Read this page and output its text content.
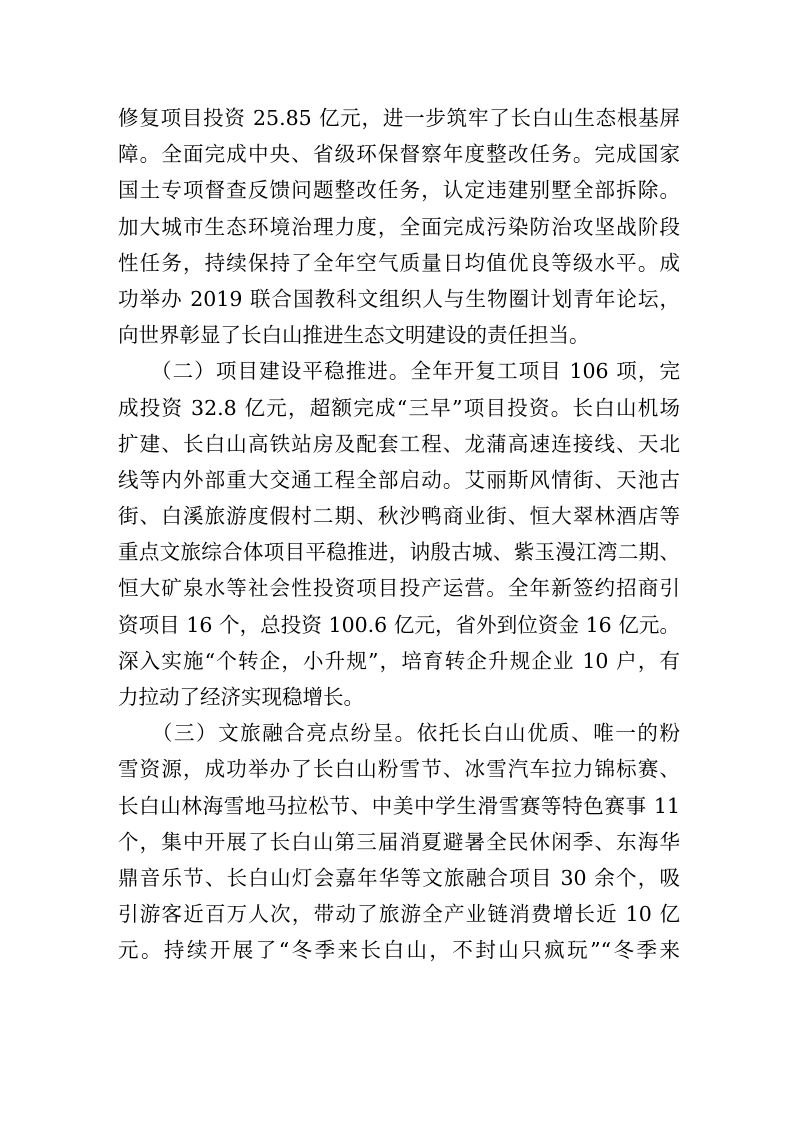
修复项目投资 25.85 亿元，进一步筑牢了长白山生态根基屏
障。全面完成中央、省级环保督察年度整改任务。完成国家
国土专项督查反馈问题整改任务，认定违建别墅全部拆除。
加大城市生态环境治理力度，全面完成污染防治攻坚战阶段
性任务，持续保持了全年空气质量日均值优良等级水平。成
功举办 2019 联合国教科文组织人与生物圈计划青年论坛，
向世界彰显了长白山推进生态文明建设的责任担当。
　　（二）项目建设平稳推进。全年开复工项目 106 项，完
成投资 32.8 亿元，超额完成“三早”项目投资。长白山机场
扩建、长白山高铁站房及配套工程、龙蒲高速连接线、天北
线等内外部重大交通工程全部启动。艾丽斯风情街、天池古
街、白溪旅游度假村二期、秋沙鸭商业街、恒大翠林酒店等
重点文旅综合体项目平稳推进，讷殷古城、紫玉漫江湾二期、
恒大矿泉水等社会性投资项目投产运营。全年新签约招商引
资项目 16 个，总投资 100.6 亿元，省外到位资金 16 亿元。
深入实施“个转企，小升规”，培育转企升规企业 10 户，有
力拉动了经济实现稳增长。
　　（三）文旅融合亮点纷呈。依托长白山优质、唯一的粉
雪资源，成功举办了长白山粉雪节、冰雪汽车拉力锦标赛、
长白山林海雪地马拉松节、中美中学生滑雪赛等特色赛事 11
个，集中开展了长白山第三届消夏避暑全民休闲季、东海华
鼎音乐节、长白山灯会嘉年华等文旅融合项目 30 余个，吸
引游客近百万人次，带动了旅游全产业链消费增长近 10 亿
元。持续开展了“冬季来长白山，不封山只疯玩”“冬季来
